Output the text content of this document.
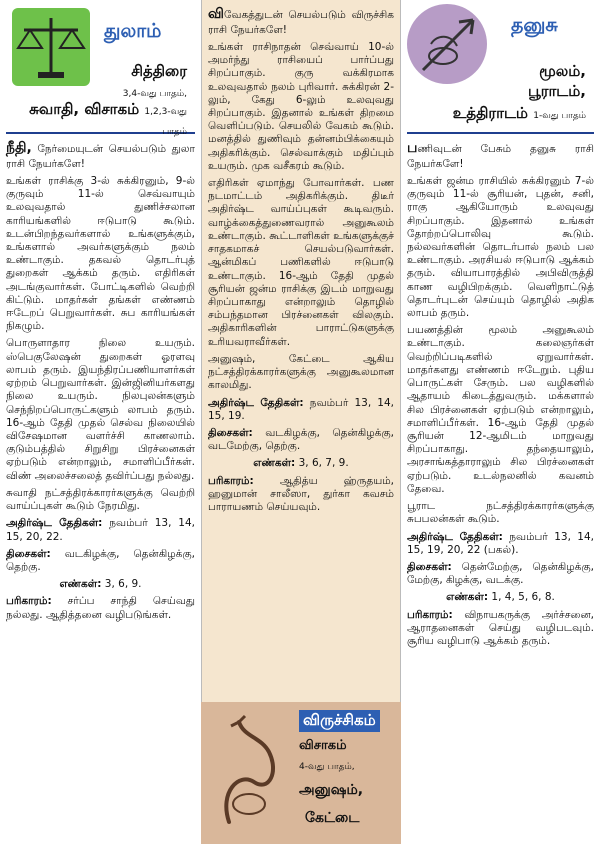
துலாம்
சித்திரை
3,4-வது பாதம்,
சுவாதி, விசாகம் 1,2,3-வது பாதம்

நீதி, நேர்மையுடன் செயல்படும் துலா ராசி நேயர்களே!

உங்கள் ராசிக்கு 3-ல் சுக்கிரனும், 9-ல் குருவும் 11-ல் செவ்வாயும் உலவுவதால் துணிச்சலான காரியங்களில் ஈடுபாடு கூடும். உடன்பிறந்தவர்களால் உங்களுக்கும், உங்களால் அவர்களுக்கும் நலம் உண்டாகும். தகவல் தொடர்புத் துறைகள் ஆக்கம் தரும். எதிரிகள் அடங்குவார்கள். போட்டிகளில் வெற்றி கிட்டும். மாதர்கள் தங்கள் எண்ணம் ஈடேறப் பெறுவார்கள். சுப காரியங்கள் நிகழும்.

பொருளாதார நிலை உயரும். ஸ்பெகுலேஷன் துறைகள் ஓரளவு லாபம் தரும். இயந்திரப்பணியாளர்கள் ஏற்றம் பெறுவார்கள். இன்ஜினியர்களது நிலை உயரும். நிலபுலன்களும் செந்நிறப்பொருட்களும் லாபம் தரும். 16-ஆம் தேதி முதல் செல்வ நிலையில் விசேஷமான வளர்ச்சி காணலாம். குடும்பத்தில் சிறுசிறு பிரச்னைகள் ஏற்படும் என்றாலும், சமாளிப்பீர்கள். விண் அலைச்சலைத் தவிர்ப்பது நல்லது.

சுவாதி நட்சத்திரக்காரர்களுக்கு வெற்றி வாய்ப்புகள் கூடும் நேரமிது.

அதிர்ஷ்ட தேதிகள்: நவம்பர் 13, 14, 15, 20, 22.

திசைகள்: வடகிழக்கு, தென்கிழக்கு, தெற்கு.

எண்கள்: 3, 6, 9.

பரிகாரம்: சர்ப்ப சாந்தி செய்வது நல்லது. ஆதித்தனை வழிபடுங்கள்.

விவேகத்துடன் செயல்படும் விருச்சிக ராசி நேயர்களே!

உங்கள் ராசிநாதன் செவ்வாய் 10-ல் அமர்ந்து ராசியைப் பார்ப்பது சிறப்பாகும். குரு வக்கிரமாக உலவுவதால் நலம் புரிவார். சுக்கிரன் 2-லும், கேது 6-லும் உலவுவது சிறப்பாகும். இதனால் உங்கள் திறமை வெளிப்படும். செயலில் வேகம் கூடும். மனத்தில் துணிவும் தன்னம்பிக்கையும் அதிகரிக்கும். செல்வாக்கும் மதிப்பும் உயரும். முக வசீகரம் கூடும்.

எதிரிகள் ஏமாந்து போவார்கள். பண நடமாட்டம் அதிகரிக்கும். திடீர் அதிர்ஷ்ட வாய்ப்புகள் கூடிவரும். வாழ்க்கைத்துணைவரால் அனுகூலம் உண்டாகும். கூட்டாளிகள் உங்களுக்குச் சாதகமாகச் செயல்படுவார்கள். ஆன்மிகப் பணிகளில் ஈடுபாடு உண்டாகும். 16-ஆம் தேதி முதல் சூரியன் ஜன்ம ராசிக்கு இடம் மாறுவது சிறப்பாகாது என்றாலும் தொழில் சம்பந்தமான பிரச்னைகள் விலகும். அதிகாரிகளின் பாராட்டுகளுக்கு உரியவராவீர்கள்.

அனுஷம், கேட்டை ஆகிய நட்சத்திரக்காரர்களுக்கு அனுகூலமான காலமிது.

அதிர்ஷ்ட தேதிகள்: நவம்பர் 13, 14, 15, 19.

திசைகள்: வடகிழக்கு, தென்கிழக்கு, வடமேற்கு, தெற்கு.

எண்கள்: 3, 6, 7, 9.

பரிகாரம்: ஆதித்ய ஹ்ருதயம், ஹனுமான் சாலீஸா, துர்கா கவசம் பாராயணம் செய்யவும்.

விருச்சிகம்
விசாகம்
4-வது பாதம்,
அனுஷம்,
கேட்டை
தனுசு
மூலம்,
பூராடம்,
உத்திராடம் 1-வது பாதம்

பணிவுடன் பேசும் தனுசு ராசி நேயர்களே!

உங்கள் ஜன்ம ராசியில் சுக்கிரனும் 7-ல் குருவும் 11-ல் சூரியன், புதன், சனி, ராகு ஆகியோரும் உலவுவது சிறப்பாகும். இதனால் உங்கள் தோற்றப்பொலிவு கூடும். நல்லவர்களின் தொடர்பால் நலம் பல உண்டாகும். அரசியல் ஈடுபாடு ஆக்கம் தரும். வியாபாரத்தில் அபிவிருத்தி காண வழிபிறக்கும். வெளிநாட்டுத் தொடர்புடன் செய்யும் தொழில் அதிக லாபம் தரும்.

பயணத்தின் மூலம் அனுகூலம் உண்டாகும். கலைஞர்கள் வெற்றிப்படிகளில் ஏறுவார்கள். மாதர்களது எண்ணம் ஈடேறும். புதிய பொருட்கள் சேரும். பல வழிகளில் ஆதாயம் கிடைத்துவரும். மக்களால் சில பிரச்னைகள் ஏற்படும் என்றாலும், சமாளிப்பீர்கள். 16-ஆம் தேதி முதல் சூரியன் 12-ஆமிடம் மாறுவது சிறப்பாகாது. தந்தையாலும், அரசாங்கத்தாராலும் சில பிரச்னைகள் ஏற்படும். உடல்நலனில் கவனம் தேவை.

பூராட நட்சத்திரக்காரர்களுக்கு சுபபலன்கள் கூடும்.

அதிர்ஷ்ட தேதிகள்: நவம்பர் 13, 14, 15, 19, 20, 22 (பகல்).

திசைகள்: தென்மேற்கு, தென்கிழக்கு, மேற்கு, கிழக்கு, வடக்கு.

எண்கள்: 1, 4, 5, 6, 8.

பரிகாரம்: விநாயகருக்கு அர்ச்சனை, ஆராதனைகள் செய்து வழிபடவும். சூரிய வழிபாடு ஆக்கம் தரும்.
